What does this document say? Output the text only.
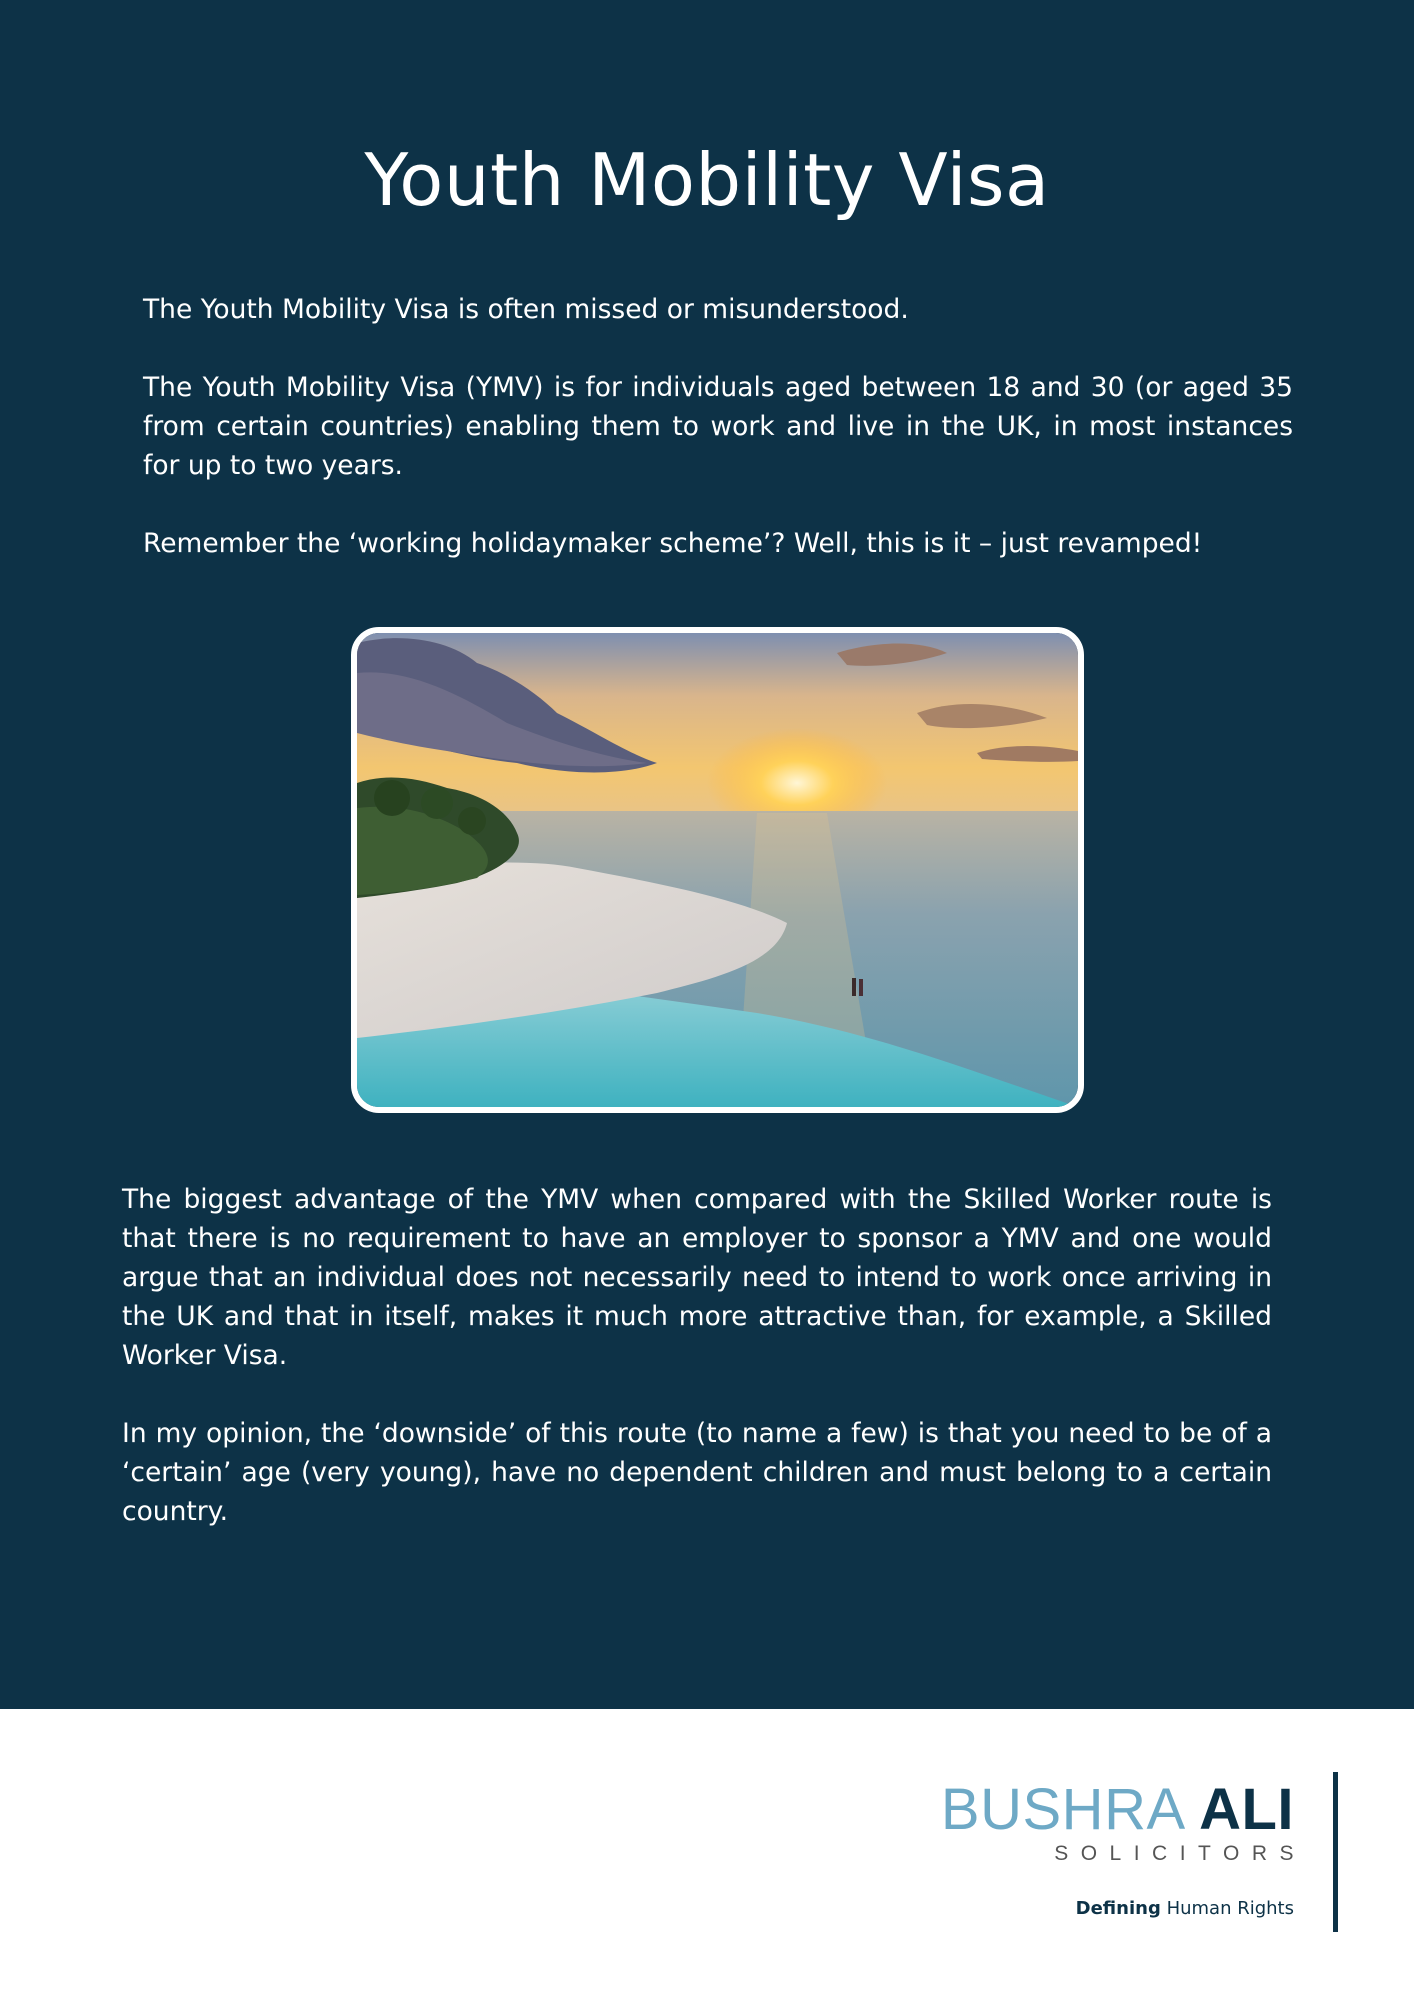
Youth Mobility Visa

The Youth Mobility Visa is often missed or misunderstood.

The Youth Mobility Visa (YMV) is for individuals aged between 18 and 30 (or aged 35 from certain countries) enabling them to work and live in the UK, in most instances for up to two years.

Remember the ‘working holidaymaker scheme’? Well, this is it – just revamped!

The biggest advantage of the YMV when compared with the Skilled Worker route is that there is no requirement to have an employer to sponsor a YMV and one would argue that an individual does not necessarily need to intend to work once arriving in the UK and that in itself, makes it much more attractive than, for example, a Skilled Worker Visa.

In my opinion, the ‘downside’ of this route (to name a few) is that you need to be of a ‘certain’ age (very young), have no dependent children and must belong to a certain country.

BUSHRA ALI
SOLICITORS
Defining Human Rights
